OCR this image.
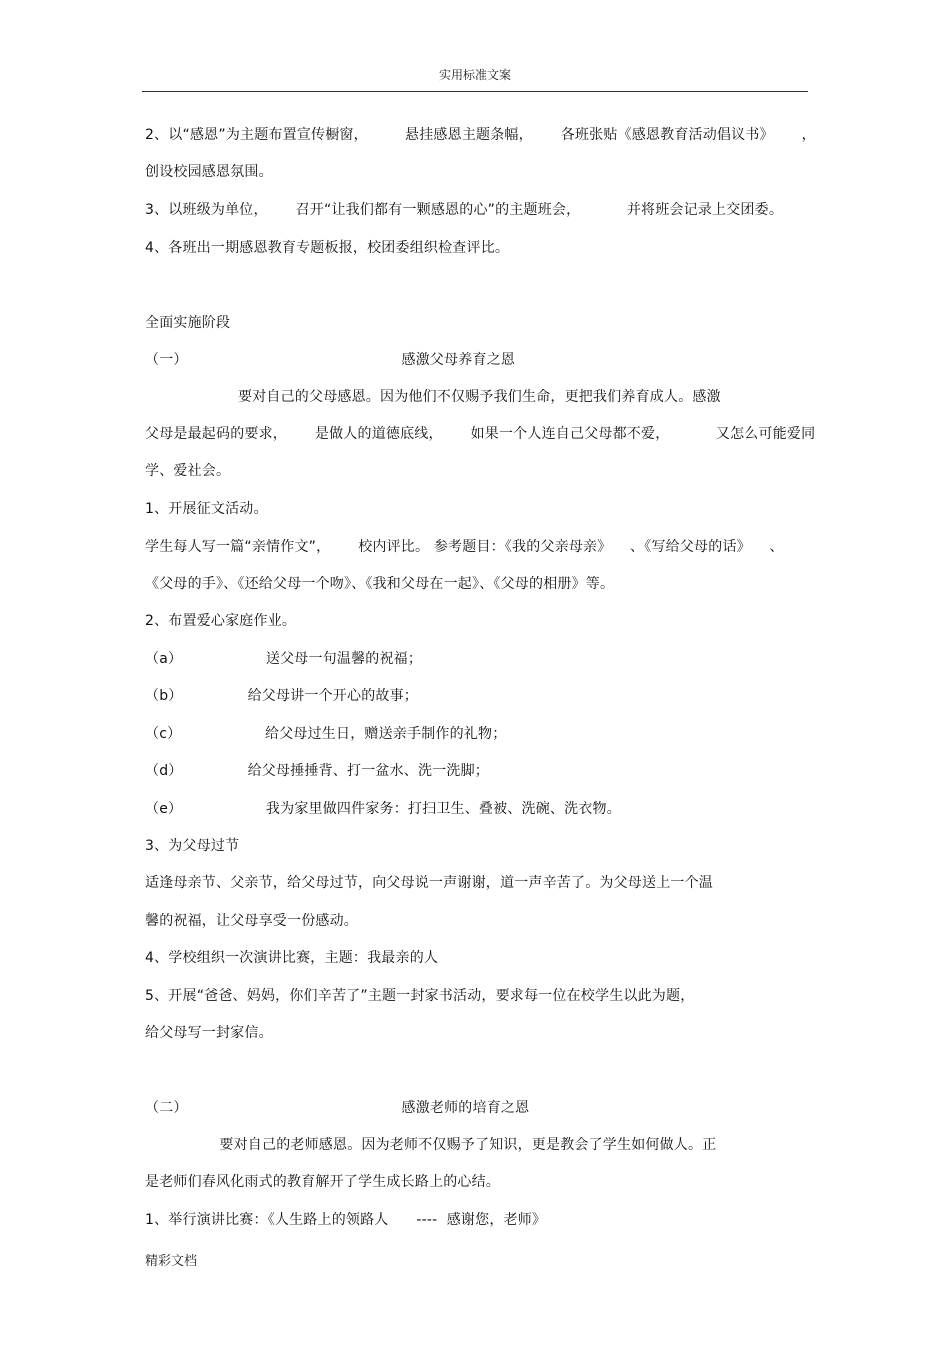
实用标准文案
2、以“感恩”为主题布置宣传橱窗，        悬挂感恩主题条幅，      各班张贴《感恩教育活动倡议书》      ，
创设校园感恩氛围。
3、以班级为单位，      召开“让我们都有一颗感恩的心”的主题班会，          并将班会记录上交团委。
4、各班出一期感恩教育专题板报，校团委组织检查评比。
全面实施阶段
（一）                                              感激父母养育之恩
要对自己的父母感恩。因为他们不仅赐予我们生命，更把我们养育成人。感激
父母是最起码的要求，      是做人的道德底线，      如果一个人连自己父母都不爱，          又怎么可能爱同
学、爱社会。
1、开展征文活动。
学生每人写一篇“亲情作文”，      校内评比。 参考题目：《我的父亲母亲》    、《写给父母的话》    、
《父母的手》、《还给父母一个吻》、《我和父母在一起》、《父母的相册》等。
2、布置爱心家庭作业。
（a）                  送父母一句温馨的祝福；
（b）              给父母讲一个开心的故事；
（c）                  给父母过生日，赠送亲手制作的礼物；
（d）              给父母捶捶背、打一盆水、洗一洗脚；
（e）                  我为家里做四件家务：打扫卫生、叠被、洗碗、洗衣物。
3、为父母过节
适逢母亲节、父亲节，给父母过节，向父母说一声谢谢，道一声辛苦了。为父母送上一个温
馨的祝福，让父母享受一份感动。
4、学校组织一次演讲比赛，主题：我最亲的人
5、开展“爸爸、妈妈，你们辛苦了”主题一封家书活动，要求每一位在校学生以此为题，
给父母写一封家信。
（二）                                              感激老师的培育之恩
要对自己的老师感恩。因为老师不仅赐予了知识，更是教会了学生如何做人。正
是老师们春风化雨式的教育解开了学生成长路上的心结。
1、举行演讲比赛：《人生路上的领路人      ----  感谢您，老师》
精彩文档
